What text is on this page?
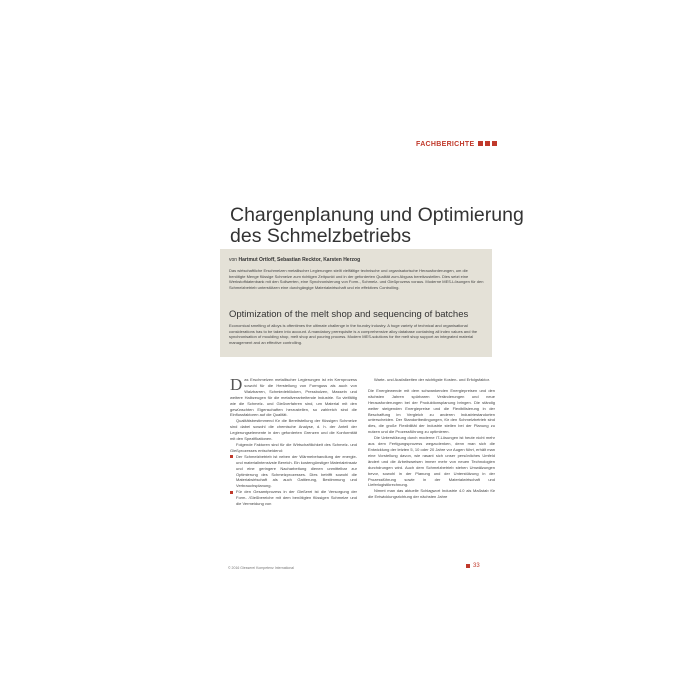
FACHBERICHTE
Chargenplanung und Optimierung des Schmelzbetriebs
von Hartmut Ortloff, Sebastian Recktor, Karsten Herzog
Das wirtschaftliche Erschmelzen metallischer Legierungen stellt vielfältige technische und organisatorische Herausforderungen, um die benötigte Menge flüssige Schmelze zum richtigen Zeitpunkt und in der geforderten Qualität zum Abguss bereitzustellen. Dies setzt eine Werkstoffdatenbank mit den Sollwerten, eine Synchronisierung von Form-, Schmelz- und Gießprozess voraus. Moderne MES-Lösungen für den Schmelzbetrieb unterstützen eine durchgängige Materialwirtschaft und ein effektives Controlling.
Optimization of the melt shop and sequencing of batches
Economical smelting of alloys is oftentimes the ultimate challenge in the foundry industry. A huge variety of technical and organisational considerations has to be taken into account. A mandatory prerequisite is a comprehensive alloy database containing all index values and the synchronisation of moulding shop, melt shop and pouring process. Modern MES-solutions for the melt shop support an integrated material management and an effective controlling.

Das Erschmelzen metallischer Legierungen ist ein Kernprozess sowohl für die Herstellung von Formguss als auch von Walzbarren, Schmiedeblöcken, Pressbolzen, Masseln und weitere Halbzeugen für die metallverarbeitende Industrie. So vielfältig wie die Schmelz- und Gießverfahren sind, um Material mit den gewünschten Eigenschaften herzustellen, so zahlreich sind die Einflussfaktoren auf die Qualität.

Qualitätsbestimmend für die Bereitstellung der flüssigen Schmelze sind dabei sowohl die chemische Analyse, d. h. der Anteil der Legierungselemente in den geforderten Grenzen und die Konformität mit den Spezifikationen.

Folgende Faktoren sind für die Wirtschaftlichkeit des Schmelz- und Gießprozesses entscheidend:

Der Schmelzbetrieb ist neben der Wärmebehandlung der energie- und materialintensivste Bereich. Ein kostengünstiger Materialeinsatz und eine geringere Nacharbeitung dienen unmittelbar zur Optimierung des Schmelzprozesses. Dies betrifft sowohl die Materialwirtschaft als auch Gattierung, Bestimmung und Verbrauchsplanung.

Für den Gesamtprozess in der Gießerei ist die Versorgung der Form- /Gießbereiche mit dem benötigten flüssigen Schmelze und die Vermeidung von

Warte- und Ausfallzeiten der wichtigste Kosten- und Erfolgsfaktor.

Die Energiewende mit dem schwankenden Energiepreisen und den nächsten Jahren spürbaren Veränderungen und neue Herausforderungen bei der Produktionsplanung bringen. Die ständig weiter steigenden Energiepreise und die Flexibilisierung in der Beschaffung im Vergleich zu anderen Industriestandorten unterscheiden. Der Standortbedingungen, für den Schmelzbetrieb sind dies, die große Flexibilität der Industrie stellen bei der Planung zu nutzen und die Prozessführung zu optimieren.

Die Unterstützung durch moderne IT-Lösungen ist heute nicht mehr aus dem Fertigungsprozess wegzudenken, denn man sich die Entwicklung der letzten 5, 10 oder 20 Jahre vor Augen führt, erhält man eine Vorstellung davon, wie rasant sich unser persönliches Umfeld ändert und die Arbeitsweisen immer mehr von neuen Technologien durchdrungen wird. Auch dem Schmelzbetrieb stehen Umwälzungen bevor, sowohl in der Planung und der Unterstützung in der Prozessführung sowie in der Materialwirtschaft und Lieferlogistikrechnung.

Nimmt man das aktuelle Schlagwort Industrie 4.0 als Maßstab für die Entwicklungsrichtung der nächsten Jahre

© 2016 Giesserei Kompetenz International	33
